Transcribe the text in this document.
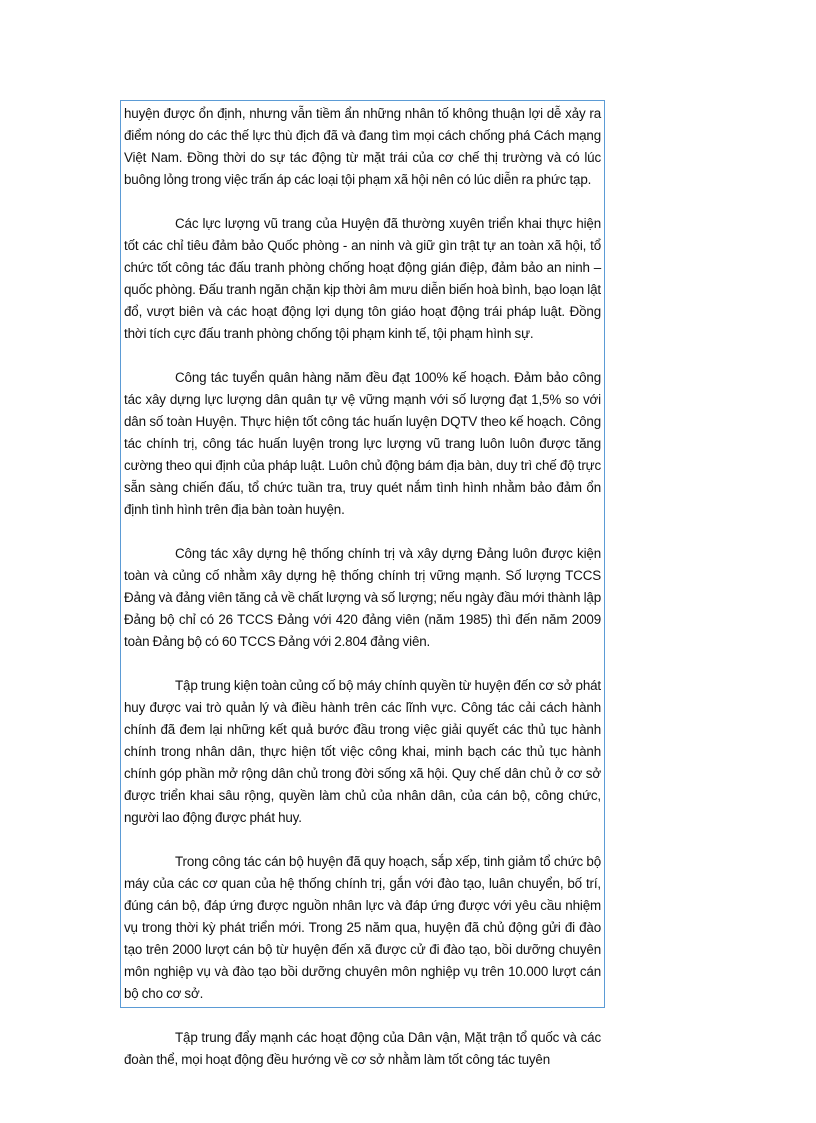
huyện được ổn định, nhưng vẫn tiềm ẩn những nhân tố không thuận lợi dễ xảy ra điểm nóng do các thế lực thù địch đã và đang tìm mọi cách chống phá Cách mạng Việt Nam. Đồng thời do sự tác động từ mặt trái của cơ chế thị trường và có lúc buông lỏng trong việc trấn áp các loại tội phạm xã hội nên có lúc diễn ra phức tạp.

Các lực lượng vũ trang của Huyện đã thường xuyên triển khai thực hiện tốt các chỉ tiêu đảm bảo Quốc phòng - an ninh và giữ gìn trật tự an toàn xã hội, tổ chức tốt công tác đấu tranh phòng chống hoạt động gián điệp, đảm bảo an ninh – quốc phòng. Đấu tranh ngăn chặn kịp thời âm mưu diễn biến hoà bình, bạo loạn lật đổ, vượt biên và các hoạt động lợi dụng tôn giáo hoạt động trái pháp luật. Đồng thời tích cực đấu tranh phòng chống tội phạm kinh tế, tội phạm hình sự.

Công tác tuyển quân hàng năm đều đạt 100% kế hoạch. Đảm bảo công tác xây dựng lực lượng dân quân tự vệ vững mạnh với số lượng đạt 1,5% so với dân số toàn Huyện. Thực hiện tốt công tác huấn luyện DQTV theo kế hoạch. Công tác chính trị, công tác huấn luyện trong lực lượng vũ trang luôn luôn được tăng cường theo qui định của pháp luật. Luôn chủ động bám địa bàn, duy trì chế độ trực sẵn sàng chiến đấu, tổ chức tuần tra, truy quét nắm tình hình nhằm bảo đảm ổn định tình hình trên địa bàn toàn huyện.

Công tác xây dựng hệ thống chính trị và xây dựng Đảng luôn được kiện toàn và củng cố nhằm xây dựng hệ thống chính trị vững mạnh. Số lượng TCCS Đảng và đảng viên tăng cả về chất lượng và số lượng; nếu ngày đầu mới thành lập Đảng bộ chỉ có 26 TCCS Đảng với 420 đảng viên (năm 1985) thì đến năm 2009 toàn Đảng bộ có 60 TCCS Đảng với 2.804 đảng viên.

Tập trung kiện toàn củng cố bộ máy chính quyền từ huyện đến cơ sở phát huy được vai trò quản lý và điều hành trên các lĩnh vực. Công tác cải cách hành chính đã đem lại những kết quả bước đầu trong việc giải quyết các thủ tục hành chính trong nhân dân, thực hiện tốt việc công khai, minh bạch các thủ tục hành chính góp phần mở rộng dân chủ trong đời sống xã hội. Quy chế dân chủ ở cơ sở được triển khai sâu rộng, quyền làm chủ của nhân dân, của cán bộ, công chức, người lao động được phát huy.

Trong công tác cán bộ huyện đã quy hoạch, sắp xếp, tinh giảm tổ chức bộ máy của các cơ quan của hệ thống chính trị, gắn với đào tạo, luân chuyển, bố trí, đúng cán bộ, đáp ứng được nguồn nhân lực và đáp ứng được với yêu cầu nhiệm vụ trong thời kỳ phát triển mới. Trong 25 năm qua, huyện đã chủ động gửi đi đào tạo trên 2000 lượt cán bộ từ huyện đến xã được cử đi đào tạo, bồi dưỡng chuyên môn nghiệp vụ và đào tạo bồi dưỡng chuyên môn nghiệp vụ trên 10.000 lượt cán bộ cho cơ sở.

Tập trung đẩy mạnh các hoạt động của Dân vận, Mặt trận tổ quốc và các đoàn thể, mọi hoạt động đều hướng về cơ sở nhằm làm tốt công tác tuyên
